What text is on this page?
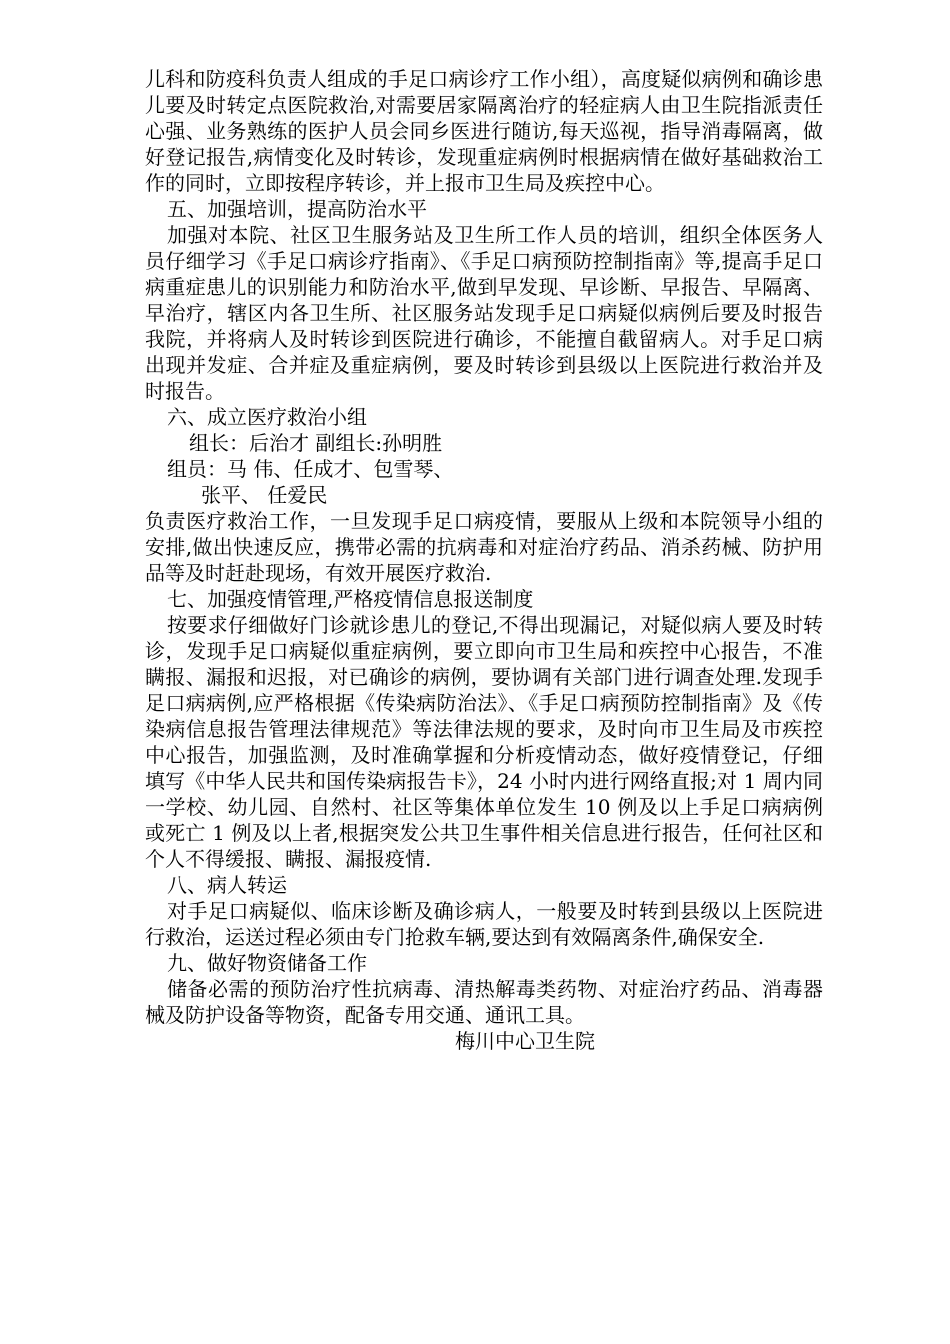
儿科和防疫科负责人组成的手足口病诊疗工作小组），高度疑似病例和确诊患儿要及时转定点医院救治,对需要居家隔离治疗的轻症病人由卫生院指派责任心强、业务熟练的医护人员会同乡医进行随访,每天巡视，指导消毒隔离，做好登记报告,病情变化及时转诊，发现重症病例时根据病情在做好基础救治工作的同时，立即按程序转诊，并上报市卫生局及疾控中心。

五、加强培训，提高防治水平

加强对本院、社区卫生服务站及卫生所工作人员的培训，组织全体医务人员仔细学习《手足口病诊疗指南》、《手足口病预防控制指南》等,提高手足口病重症患儿的识别能力和防治水平,做到早发现、早诊断、早报告、早隔离、早治疗，辖区内各卫生所、社区服务站发现手足口病疑似病例后要及时报告我院，并将病人及时转诊到医院进行确诊，不能擅自截留病人。对手足口病出现并发症、合并症及重症病例，要及时转诊到县级以上医院进行救治并及时报告。

六、成立医疗救治小组

组长：后治才 副组长:孙明胜

组员：马 伟、任成才、包雪琴、

张平、 任爱民

负责医疗救治工作，一旦发现手足口病疫情，要服从上级和本院领导小组的安排,做出快速反应，携带必需的抗病毒和对症治疗药品、消杀药械、防护用品等及时赶赴现场，有效开展医疗救治.

七、加强疫情管理,严格疫情信息报送制度

按要求仔细做好门诊就诊患儿的登记,不得出现漏记，对疑似病人要及时转诊，发现手足口病疑似重症病例，要立即向市卫生局和疾控中心报告，不准瞒报、漏报和迟报，对已确诊的病例，要协调有关部门进行调查处理.发现手足口病病例,应严格根据《传染病防治法》、《手足口病预防控制指南》及《传染病信息报告管理法律规范》等法律法规的要求，及时向市卫生局及市疾控中心报告，加强监测，及时准确掌握和分析疫情动态，做好疫情登记，仔细填写《中华人民共和国传染病报告卡》，24 小时内进行网络直报;对 1 周内同一学校、幼儿园、自然村、社区等集体单位发生 10 例及以上手足口病病例或死亡 1 例及以上者,根据突发公共卫生事件相关信息进行报告，任何社区和个人不得缓报、瞒报、漏报疫情.

八、病人转运

对手足口病疑似、临床诊断及确诊病人，一般要及时转到县级以上医院进行救治，运送过程必须由专门抢救车辆,要达到有效隔离条件,确保安全.

九、做好物资储备工作

储备必需的预防治疗性抗病毒、清热解毒类药物、对症治疗药品、消毒器械及防护设备等物资，配备专用交通、通讯工具。

梅川中心卫生院
